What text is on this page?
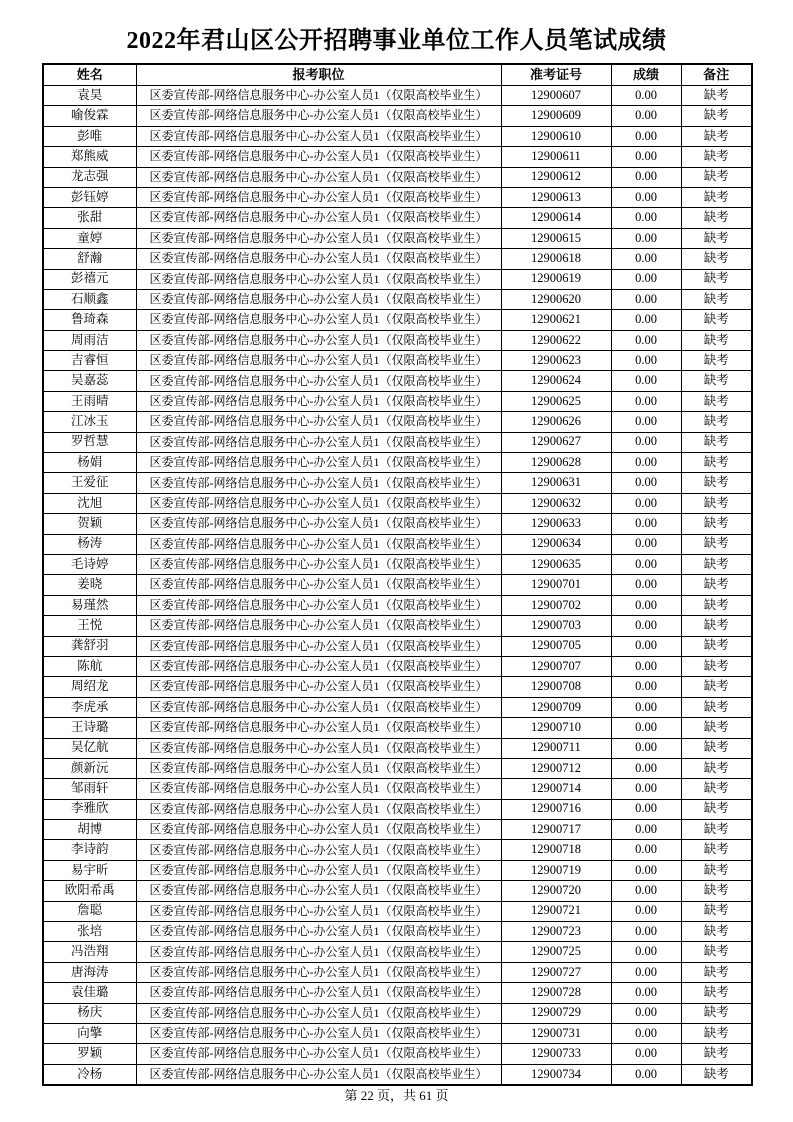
2022年君山区公开招聘事业单位工作人员笔试成绩
姓名	报考职位	准考证号	成绩	备注
袁昊	区委宣传部-网络信息服务中心-办公室人员1（仅限高校毕业生）	12900607	0.00	缺考
喻俊霖	区委宣传部-网络信息服务中心-办公室人员1（仅限高校毕业生）	12900609	0.00	缺考
彭唯	区委宣传部-网络信息服务中心-办公室人员1（仅限高校毕业生）	12900610	0.00	缺考
郑熊威	区委宣传部-网络信息服务中心-办公室人员1（仅限高校毕业生）	12900611	0.00	缺考
龙志强	区委宣传部-网络信息服务中心-办公室人员1（仅限高校毕业生）	12900612	0.00	缺考
彭钰婷	区委宣传部-网络信息服务中心-办公室人员1（仅限高校毕业生）	12900613	0.00	缺考
张甜	区委宣传部-网络信息服务中心-办公室人员1（仅限高校毕业生）	12900614	0.00	缺考
童婷	区委宣传部-网络信息服务中心-办公室人员1（仅限高校毕业生）	12900615	0.00	缺考
舒瀚	区委宣传部-网络信息服务中心-办公室人员1（仅限高校毕业生）	12900618	0.00	缺考
彭禧元	区委宣传部-网络信息服务中心-办公室人员1（仅限高校毕业生）	12900619	0.00	缺考
石顺鑫	区委宣传部-网络信息服务中心-办公室人员1（仅限高校毕业生）	12900620	0.00	缺考
鲁琦森	区委宣传部-网络信息服务中心-办公室人员1（仅限高校毕业生）	12900621	0.00	缺考
周雨洁	区委宣传部-网络信息服务中心-办公室人员1（仅限高校毕业生）	12900622	0.00	缺考
吉睿恒	区委宣传部-网络信息服务中心-办公室人员1（仅限高校毕业生）	12900623	0.00	缺考
吴嘉蕊	区委宣传部-网络信息服务中心-办公室人员1（仅限高校毕业生）	12900624	0.00	缺考
王雨晴	区委宣传部-网络信息服务中心-办公室人员1（仅限高校毕业生）	12900625	0.00	缺考
江冰玉	区委宣传部-网络信息服务中心-办公室人员1（仅限高校毕业生）	12900626	0.00	缺考
罗哲慧	区委宣传部-网络信息服务中心-办公室人员1（仅限高校毕业生）	12900627	0.00	缺考
杨娟	区委宣传部-网络信息服务中心-办公室人员1（仅限高校毕业生）	12900628	0.00	缺考
王爱征	区委宣传部-网络信息服务中心-办公室人员1（仅限高校毕业生）	12900631	0.00	缺考
沈旭	区委宣传部-网络信息服务中心-办公室人员1（仅限高校毕业生）	12900632	0.00	缺考
贺颖	区委宣传部-网络信息服务中心-办公室人员1（仅限高校毕业生）	12900633	0.00	缺考
杨涛	区委宣传部-网络信息服务中心-办公室人员1（仅限高校毕业生）	12900634	0.00	缺考
毛诗婷	区委宣传部-网络信息服务中心-办公室人员1（仅限高校毕业生）	12900635	0.00	缺考
姜晓	区委宣传部-网络信息服务中心-办公室人员1（仅限高校毕业生）	12900701	0.00	缺考
易瑾然	区委宣传部-网络信息服务中心-办公室人员1（仅限高校毕业生）	12900702	0.00	缺考
王悦	区委宣传部-网络信息服务中心-办公室人员1（仅限高校毕业生）	12900703	0.00	缺考
龚舒羽	区委宣传部-网络信息服务中心-办公室人员1（仅限高校毕业生）	12900705	0.00	缺考
陈航	区委宣传部-网络信息服务中心-办公室人员1（仅限高校毕业生）	12900707	0.00	缺考
周绍龙	区委宣传部-网络信息服务中心-办公室人员1（仅限高校毕业生）	12900708	0.00	缺考
李虎承	区委宣传部-网络信息服务中心-办公室人员1（仅限高校毕业生）	12900709	0.00	缺考
王诗璐	区委宣传部-网络信息服务中心-办公室人员1（仅限高校毕业生）	12900710	0.00	缺考
吴亿航	区委宣传部-网络信息服务中心-办公室人员1（仅限高校毕业生）	12900711	0.00	缺考
颜新沅	区委宣传部-网络信息服务中心-办公室人员1（仅限高校毕业生）	12900712	0.00	缺考
邹雨轩	区委宣传部-网络信息服务中心-办公室人员1（仅限高校毕业生）	12900714	0.00	缺考
李雅欣	区委宣传部-网络信息服务中心-办公室人员1（仅限高校毕业生）	12900716	0.00	缺考
胡博	区委宣传部-网络信息服务中心-办公室人员1（仅限高校毕业生）	12900717	0.00	缺考
李诗韵	区委宣传部-网络信息服务中心-办公室人员1（仅限高校毕业生）	12900718	0.00	缺考
易宇昕	区委宣传部-网络信息服务中心-办公室人员1（仅限高校毕业生）	12900719	0.00	缺考
欧阳希禹	区委宣传部-网络信息服务中心-办公室人员1（仅限高校毕业生）	12900720	0.00	缺考
詹聪	区委宣传部-网络信息服务中心-办公室人员1（仅限高校毕业生）	12900721	0.00	缺考
张培	区委宣传部-网络信息服务中心-办公室人员1（仅限高校毕业生）	12900723	0.00	缺考
冯浩翔	区委宣传部-网络信息服务中心-办公室人员1（仅限高校毕业生）	12900725	0.00	缺考
唐海涛	区委宣传部-网络信息服务中心-办公室人员1（仅限高校毕业生）	12900727	0.00	缺考
袁佳璐	区委宣传部-网络信息服务中心-办公室人员1（仅限高校毕业生）	12900728	0.00	缺考
杨庆	区委宣传部-网络信息服务中心-办公室人员1（仅限高校毕业生）	12900729	0.00	缺考
向擎	区委宣传部-网络信息服务中心-办公室人员1（仅限高校毕业生）	12900731	0.00	缺考
罗颖	区委宣传部-网络信息服务中心-办公室人员1（仅限高校毕业生）	12900733	0.00	缺考
冷杨	区委宣传部-网络信息服务中心-办公室人员1（仅限高校毕业生）	12900734	0.00	缺考
第 22 页，共 61 页
